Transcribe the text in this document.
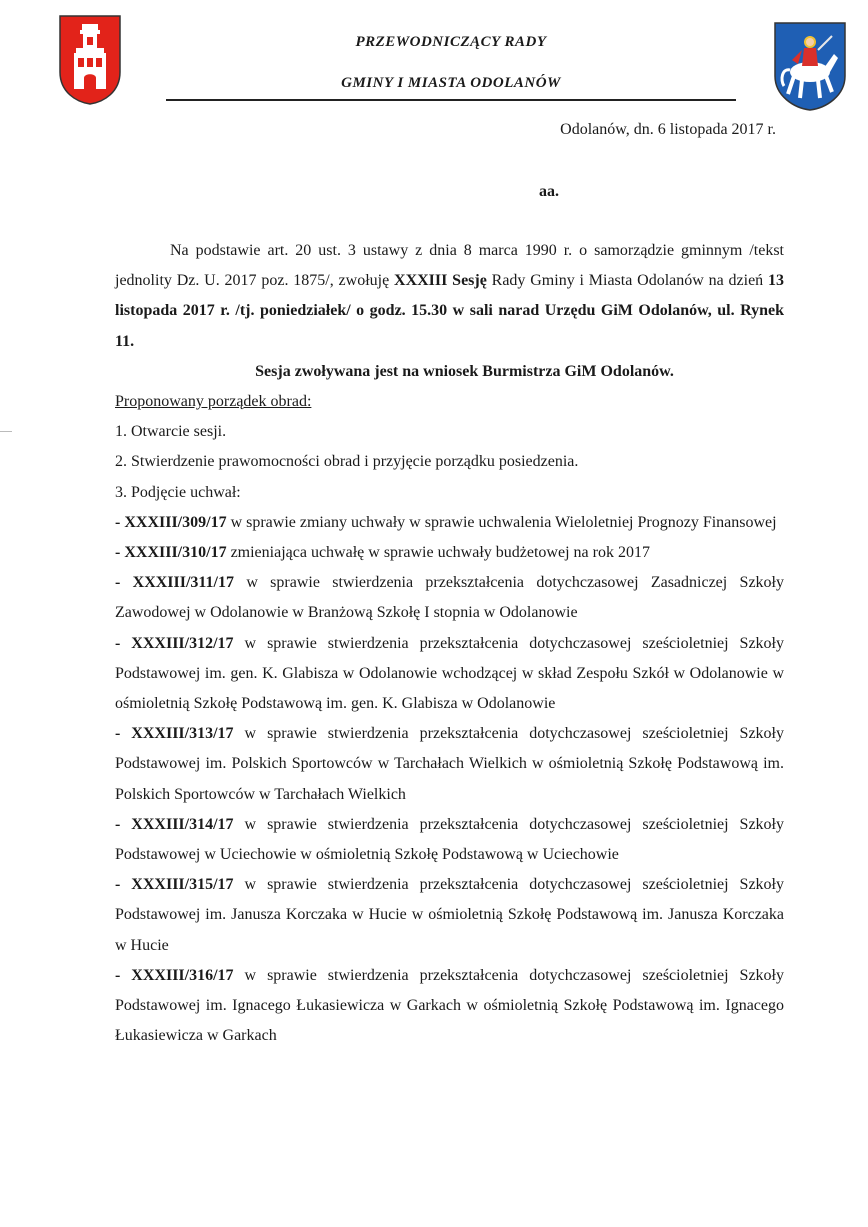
PRZEWODNICZĄCY RADY
GMINY I MIASTA ODOLANÓW
Odolanów, dn. 6 listopada 2017 r.
aa.

Na podstawie art. 20 ust. 3 ustawy z dnia 8 marca 1990 r. o samorządzie gminnym /tekst jednolity Dz. U. 2017 poz. 1875/, zwołuję XXXIII Sesję Rady Gminy i Miasta Odolanów na dzień 13 listopada 2017 r. /tj. poniedziałek/ o godz. 15.30 w sali narad Urzędu GiM Odolanów, ul. Rynek 11.

Sesja zwoływana jest na wniosek Burmistrza GiM Odolanów.

Proponowany porządek obrad:

1. Otwarcie sesji.

2. Stwierdzenie prawomocności obrad i przyjęcie porządku posiedzenia.

3. Podjęcie uchwał:

- XXXIII/309/17 w sprawie zmiany uchwały w sprawie uchwalenia Wieloletniej Prognozy Finansowej

- XXXIII/310/17 zmieniająca uchwałę w sprawie uchwały budżetowej na rok 2017

- XXXIII/311/17 w sprawie stwierdzenia przekształcenia dotychczasowej Zasadniczej Szkoły Zawodowej w Odolanowie w Branżową Szkołę I stopnia w Odolanowie

- XXXIII/312/17 w sprawie stwierdzenia przekształcenia dotychczasowej sześcioletniej Szkoły Podstawowej im. gen. K. Glabisza w Odolanowie wchodzącej w skład Zespołu Szkół w Odolanowie w ośmioletnią Szkołę Podstawową im. gen. K. Glabisza w Odolanowie

- XXXIII/313/17 w sprawie stwierdzenia przekształcenia dotychczasowej sześcioletniej Szkoły Podstawowej im. Polskich Sportowców w Tarchałach Wielkich w ośmioletnią Szkołę Podstawową im. Polskich Sportowców w Tarchałach Wielkich

- XXXIII/314/17 w sprawie stwierdzenia przekształcenia dotychczasowej sześcioletniej Szkoły Podstawowej w Uciechowie w ośmioletnią Szkołę Podstawową w Uciechowie

- XXXIII/315/17 w sprawie stwierdzenia przekształcenia dotychczasowej sześcioletniej Szkoły Podstawowej im. Janusza Korczaka w Hucie w ośmioletnią Szkołę Podstawową im. Janusza Korczaka w Hucie

- XXXIII/316/17 w sprawie stwierdzenia przekształcenia dotychczasowej sześcioletniej Szkoły Podstawowej im. Ignacego Łukasiewicza w Garkach w ośmioletnią Szkołę Podstawową im. Ignacego Łukasiewicza w Garkach
